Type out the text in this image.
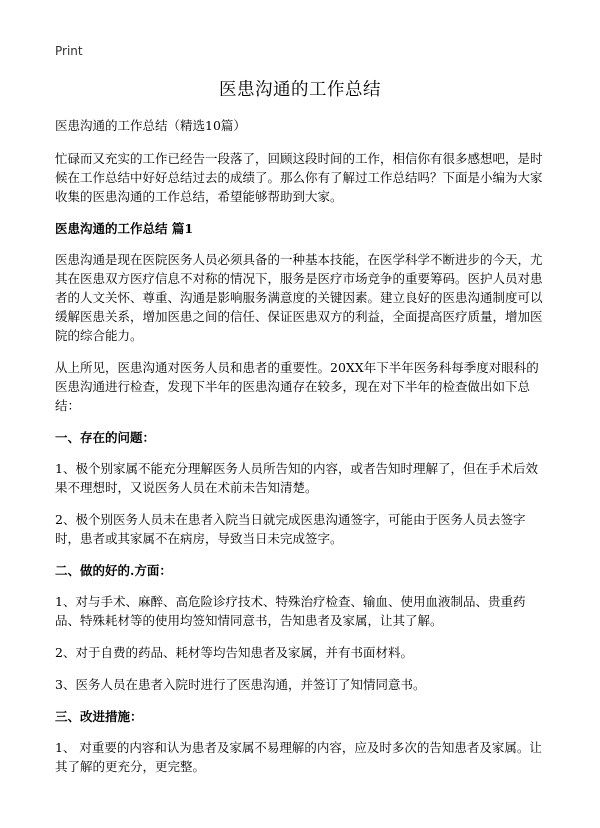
Print
医患沟通的工作总结

医患沟通的工作总结（精选10篇）

忙碌而又充实的工作已经告一段落了，回顾这段时间的工作，相信你有很多感想吧，是时候在工作总结中好好总结过去的成绩了。那么你有了解过工作总结吗？下面是小编为大家收集的医患沟通的工作总结，希望能够帮助到大家。

医患沟通的工作总结 篇1

医患沟通是现在医院医务人员必须具备的一种基本技能，在医学科学不断进步的今天，尤其在医患双方医疗信息不对称的情况下，服务是医疗市场竞争的重要筹码。医护人员对患者的人文关怀、尊重、沟通是影响服务满意度的关键因素。建立良好的医患沟通制度可以缓解医患关系，增加医患之间的信任、保证医患双方的利益，全面提高医疗质量，增加医院的综合能力。

从上所见，医患沟通对医务人员和患者的重要性。20XX年下半年医务科每季度对眼科的医患沟通进行检查，发现下半年的医患沟通存在较多，现在对下半年的检查做出如下总结：

一、存在的问题：

1、极个别家属不能充分理解医务人员所告知的内容，或者告知时理解了，但在手术后效果不理想时，又说医务人员在术前未告知清楚。

2、极个别医务人员未在患者入院当日就完成医患沟通签字，可能由于医务人员去签字时，患者或其家属不在病房，导致当日未完成签字。

二、做的好的.方面：

1、对与手术、麻醉、高危险诊疗技术、特殊治疗检查、输血、使用血液制品、贵重药品、特殊耗材等的使用均签知情同意书，告知患者及家属，让其了解。

2、对于自费的药品、耗材等均告知患者及家属，并有书面材料。

3、医务人员在患者入院时进行了医患沟通，并签订了知情同意书。

三、改进措施：

1、 对重要的内容和认为患者及家属不易理解的内容，应及时多次的告知患者及家属。让其了解的更充分，更完整。
